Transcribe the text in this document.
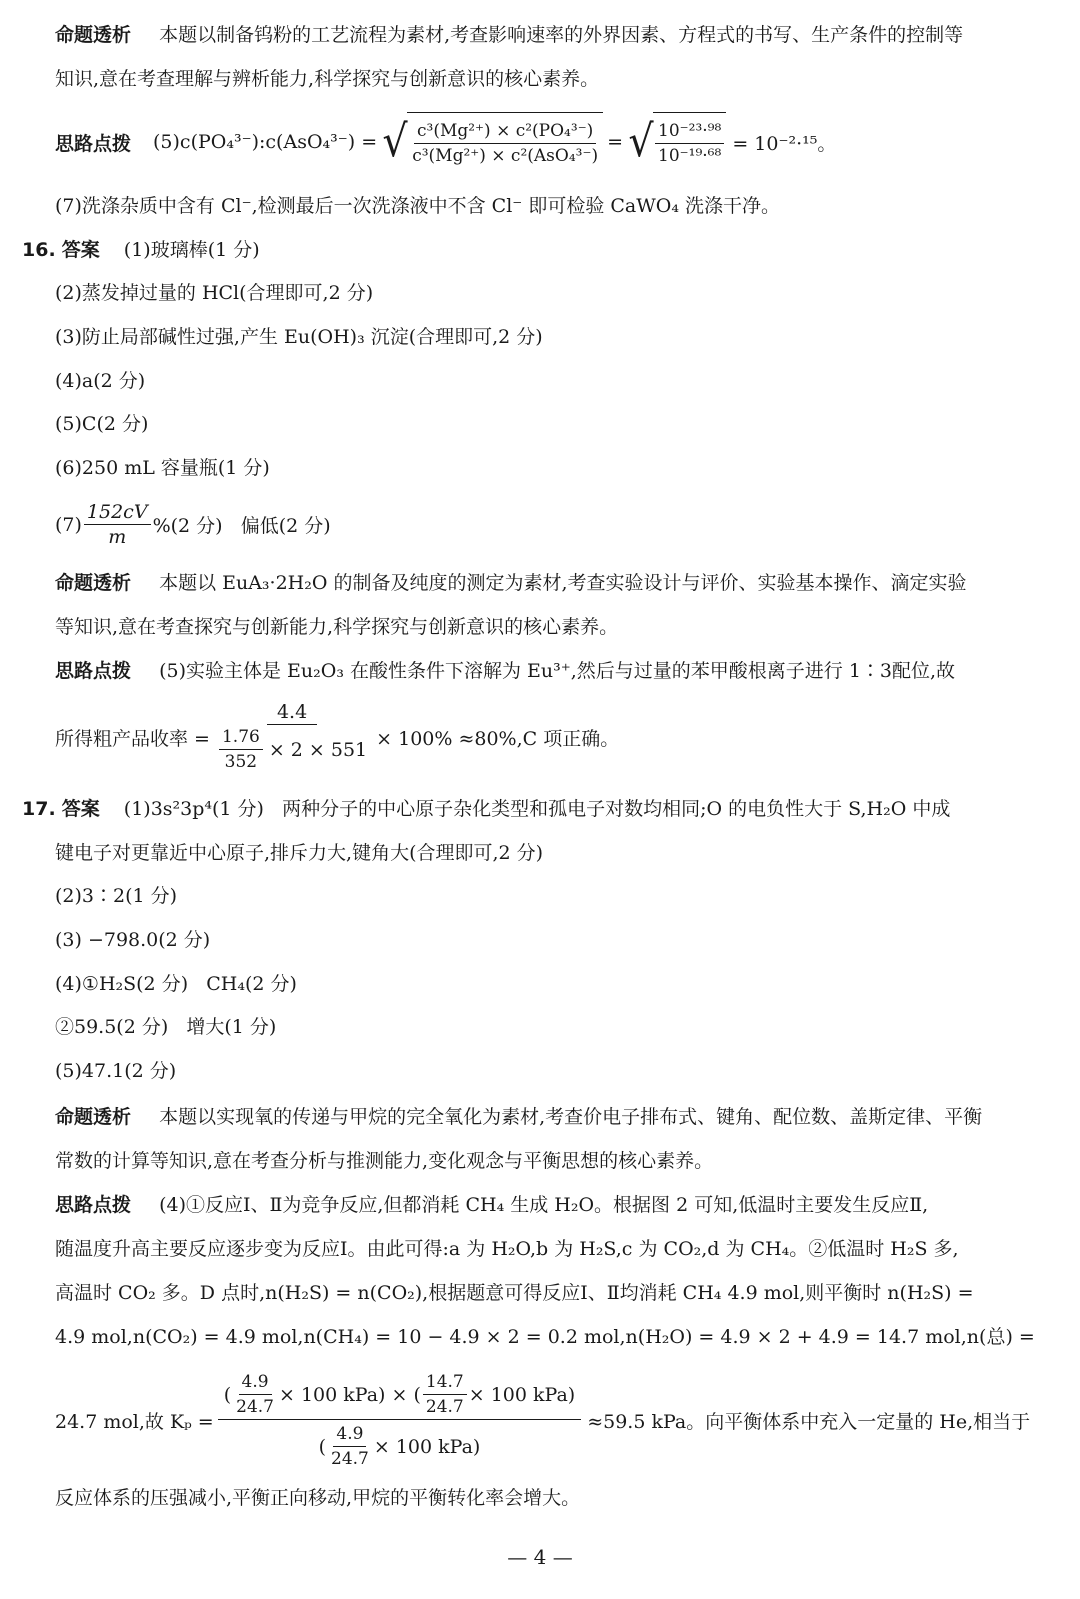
命题透析 本题以制备钨粉的工艺流程为素材,考查影响速率的外界因素、方程式的书写、生产条件的控制等
知识,意在考查理解与辨析能力,科学探究与创新意识的核心素养。
思路点拨 (5)c(PO₄³⁻):c(AsO₄³⁻) = √ $\frac{\text{c³(Mg²⁺) × c²(PO₄³⁻)}}{\text{c³(Mg²⁺) × c²(AsO₄³⁻)}}$ = √ $\frac{\text{10⁻²³·⁹⁸}}{\text{10⁻¹⁹·⁶⁸}} = 10^{-2}\cdot^{15}$。
(7)洗涤杂质中含有 Cl⁻,检测最后一次洗涤液中不含 Cl⁻ 即可检验 CaWO₄ 洗涤干净。
16. 答案 (1)玻璃棒(1 分)
(2)蒸发掉过量的 HCl(合理即可,2 分)
(3)防止局部碱性过强,产生 Eu(OH)₃ 沉淀(合理即可,2 分)
(4)a(2 分)
(5)C(2 分)
(6)250 mL 容量瓶(1 分)
$(7) \frac{152cV}{m} \%(2$ 分)   偏低(2 分)
命题透析 本题以 EuA₃·2H₂O 的制备及纯度的测定为素材,考查实验设计与评价、实验基本操作、滴定实验
等知识,意在考查探究与创新能力,科学探究与创新意识的核心素养。
思路点拨 (5)实验主体是 Eu₂O₃ 在酸性条件下溶解为 Eu³⁺,然后与过量的苯甲酸根离子进行 1∶3配位,故
所得粗产品收率 = $\frac{4.4}{\frac{1.76}{352} \times 2 \times 551} \times 100\% \approx 80\%,C$ 项正确。
17. 答案 (1)3s²3p⁴(1 分)   两种分子的中心原子杂化类型和孤电子对数均相同;O 的电负性大于 S,H₂O 中成
键电子对更靠近中心原子,排斥力大,键角大(合理即可,2 分)
(2)3∶2(1 分)
(3) −798.0(2 分)
(4)①H₂S(2 分)   CH₄(2 分)
②59.5(2 分)   增大(1 分)
(5)47.1(2 分)
命题透析 本题以实现氧的传递与甲烷的完全氧化为素材,考查价电子排布式、键角、配位数、盖斯定律、平衡
常数的计算等知识,意在考查分析与推测能力,变化观念与平衡思想的核心素养。
思路点拨 (4)①反应Ⅰ、Ⅱ为竞争反应,但都消耗 CH₄ 生成 H₂O。根据图 2 可知,低温时主要发生反应Ⅱ,
随温度升高主要反应逐步变为反应Ⅰ。由此可得:a 为 H₂O,b 为 H₂S,c 为 CO₂,d 为 CH₄。②低温时 H₂S 多,
高温时 CO₂ 多。D 点时,n(H₂S) = n(CO₂),根据题意可得反应Ⅰ、Ⅱ均消耗 CH₄ 4.9 mol,则平衡时 n(H₂S) =
4.9 mol,n(CO₂) = 4.9 mol,n(CH₄) = 10 − 4.9 × 2 = 0.2 mol,n(H₂O) = 4.9 × 2 + 4.9 = 14.7 mol,n(总) =
24.7 mol,故 Kₚ =
( $\frac{4.9}{24.7} \times 100$ kPa) × ( $\frac{14.7}{24.7} \times 100$ kPa)
( $\frac{4.9}{24.7} \times 100$ kPa)
≈59.5 kPa。向平衡体系中充入一定量的 He,相当于
反应体系的压强减小,平衡正向移动,甲烷的平衡转化率会增大。
— 4 —
